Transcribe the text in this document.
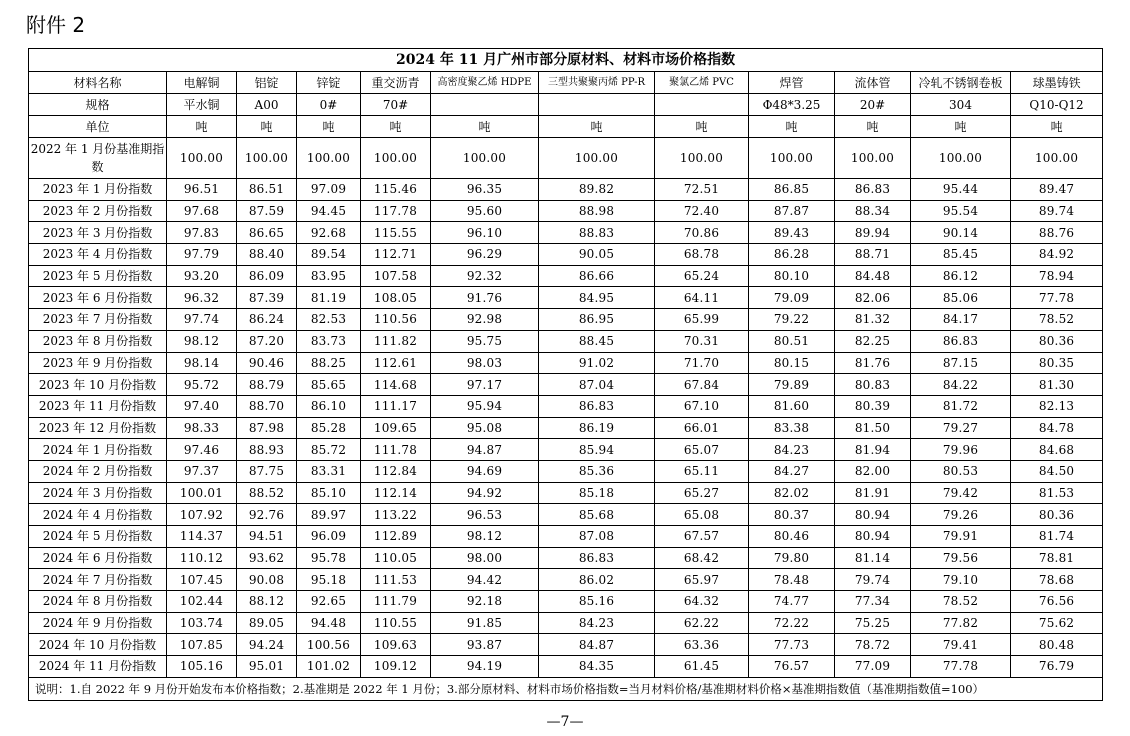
附件 2
2024 年 11 月广州市部分原材料、材料市场价格指数											
材料名称	电解铜	铝锭	锌锭	重交沥青	高密度聚乙烯 HDPE	三型共聚聚丙烯 PP-R	聚氯乙烯 PVC	焊管	流体管	冷轧不锈钢卷板	球墨铸铁
规格	平水铜	A00	0#	70#				Φ48*3.25	20#	304	Q10-Q12
单位	吨	吨	吨	吨	吨	吨	吨	吨	吨	吨	吨
2022 年 1 月份基准期指数	100.00	100.00	100.00	100.00	100.00	100.00	100.00	100.00	100.00	100.00	100.00
2023 年 1 月份指数	96.51	86.51	97.09	115.46	96.35	89.82	72.51	86.85	86.83	95.44	89.47
2023 年 2 月份指数	97.68	87.59	94.45	117.78	95.60	88.98	72.40	87.87	88.34	95.54	89.74
2023 年 3 月份指数	97.83	86.65	92.68	115.55	96.10	88.83	70.86	89.43	89.94	90.14	88.76
2023 年 4 月份指数	97.79	88.40	89.54	112.71	96.29	90.05	68.78	86.28	88.71	85.45	84.92
2023 年 5 月份指数	93.20	86.09	83.95	107.58	92.32	86.66	65.24	80.10	84.48	86.12	78.94
2023 年 6 月份指数	96.32	87.39	81.19	108.05	91.76	84.95	64.11	79.09	82.06	85.06	77.78
2023 年 7 月份指数	97.74	86.24	82.53	110.56	92.98	86.95	65.99	79.22	81.32	84.17	78.52
2023 年 8 月份指数	98.12	87.20	83.73	111.82	95.75	88.45	70.31	80.51	82.25	86.83	80.36
2023 年 9 月份指数	98.14	90.46	88.25	112.61	98.03	91.02	71.70	80.15	81.76	87.15	80.35
2023 年 10 月份指数	95.72	88.79	85.65	114.68	97.17	87.04	67.84	79.89	80.83	84.22	81.30
2023 年 11 月份指数	97.40	88.70	86.10	111.17	95.94	86.83	67.10	81.60	80.39	81.72	82.13
2023 年 12 月份指数	98.33	87.98	85.28	109.65	95.08	86.19	66.01	83.38	81.50	79.27	84.78
2024 年 1 月份指数	97.46	88.93	85.72	111.78	94.87	85.94	65.07	84.23	81.94	79.96	84.68
2024 年 2 月份指数	97.37	87.75	83.31	112.84	94.69	85.36	65.11	84.27	82.00	80.53	84.50
2024 年 3 月份指数	100.01	88.52	85.10	112.14	94.92	85.18	65.27	82.02	81.91	79.42	81.53
2024 年 4 月份指数	107.92	92.76	89.97	113.22	96.53	85.68	65.08	80.37	80.94	79.26	80.36
2024 年 5 月份指数	114.37	94.51	96.09	112.89	98.12	87.08	67.57	80.46	80.94	79.91	81.74
2024 年 6 月份指数	110.12	93.62	95.78	110.05	98.00	86.83	68.42	79.80	81.14	79.56	78.81
2024 年 7 月份指数	107.45	90.08	95.18	111.53	94.42	86.02	65.97	78.48	79.74	79.10	78.68
2024 年 8 月份指数	102.44	88.12	92.65	111.79	92.18	85.16	64.32	74.77	77.34	78.52	76.56
2024 年 9 月份指数	103.74	89.05	94.48	110.55	91.85	84.23	62.22	72.22	75.25	77.82	75.62
2024 年 10 月份指数	107.85	94.24	100.56	109.63	93.87	84.87	63.36	77.73	78.72	79.41	80.48
2024 年 11 月份指数	105.16	95.01	101.02	109.12	94.19	84.35	61.45	76.57	77.09	77.78	76.79
说明：1.自 2022 年 9 月份开始发布本价格指数；2.基准期是 2022 年 1 月份；3.部分原材料、材料市场价格指数=当月材料价格/基准期材料价格×基准期指数值（基准期指数值=100）											
—7—
